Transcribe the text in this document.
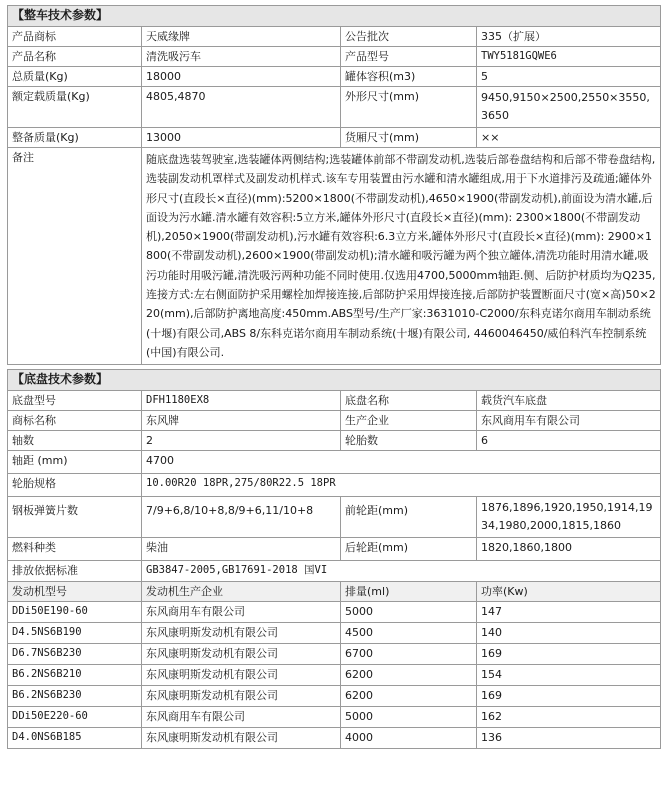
【整车技术参数】			
产品商标	天威缘牌	公告批次	335（扩展）
产品名称	清洗吸污车	产品型号	TWY5181GQWE6
总质量(Kg)	18000	罐体容积(m3)	5
额定载质量(Kg)	4805,4870	外形尺寸(mm)	9450,9150×2500,2550×3550,3650
整备质量(Kg)	13000	货厢尺寸(mm)	××
备注	随底盘选装驾驶室,选装罐体两侧结构;选装罐体前部不带副发动机,选装后部卷盘结构和后部不带卷盘结构,选装副发动机罩样式及副发动机样式.该车专用装置由污水罐和清水罐组成,用于下水道排污及疏通;罐体外形尺寸(直段长×直径)(mm):5200×1800(不带副发动机),4650×1900(带副发动机),前面设为清水罐,后面设为污水罐.清水罐有效容积:5立方米,罐体外形尺寸(直段长×直径)(mm): 2300×1800(不带副发动机),2050×1900(带副发动机),污水罐有效容积:6.3立方米,罐体外形尺寸(直段长×直径)(mm): 2900×1800(不带副发动机),2600×1900(带副发动机);清水罐和吸污罐为两个独立罐体,清洗功能时用清水罐,吸污功能时用吸污罐,清洗吸污两种功能不同时使用.仅选用4700,5000mm轴距.侧、后防护材质均为Q235,连接方式:左右侧面防护采用螺栓加焊接连接,后部防护采用焊接连接,后部防护装置断面尺寸(宽×高)50×220(mm),后部防护离地高度:450mm.ABS型号/生产厂家:3631010-C2000/东科克诺尔商用车制动系统(十堰)有限公司,ABS 8/东科克诺尔商用车制动系统(十堰)有限公司, 4460046450/威伯科汽车控制系统(中国)有限公司.		

【底盘技术参数】			
底盘型号	DFH1180EX8	底盘名称	载货汽车底盘
商标名称	东风牌	生产企业	东风商用车有限公司
轴数	2	轮胎数	6
轴距 (mm)	4700		
轮胎规格	10.00R20 18PR,275/80R22.5 18PR		
钢板弹簧片数	7/9+6,8/10+8,8/9+6,11/10+8	前轮距(mm)	1876,1896,1920,1950,1914,1934,1980,2000,1815,1860
燃料种类	柴油	后轮距(mm)	1820,1860,1800
排放依据标准	GB3847-2005,GB17691-2018 国VI		
发动机型号	发动机生产企业	排量(ml)	功率(Kw)
DDi50E190-60	东风商用车有限公司	5000	147
D4.5NS6B190	东风康明斯发动机有限公司	4500	140
D6.7NS6B230	东风康明斯发动机有限公司	6700	169
B6.2NS6B210	东风康明斯发动机有限公司	6200	154
B6.2NS6B230	东风康明斯发动机有限公司	6200	169
DDi50E220-60	东风商用车有限公司	5000	162
D4.0NS6B185	东风康明斯发动机有限公司	4000	136
